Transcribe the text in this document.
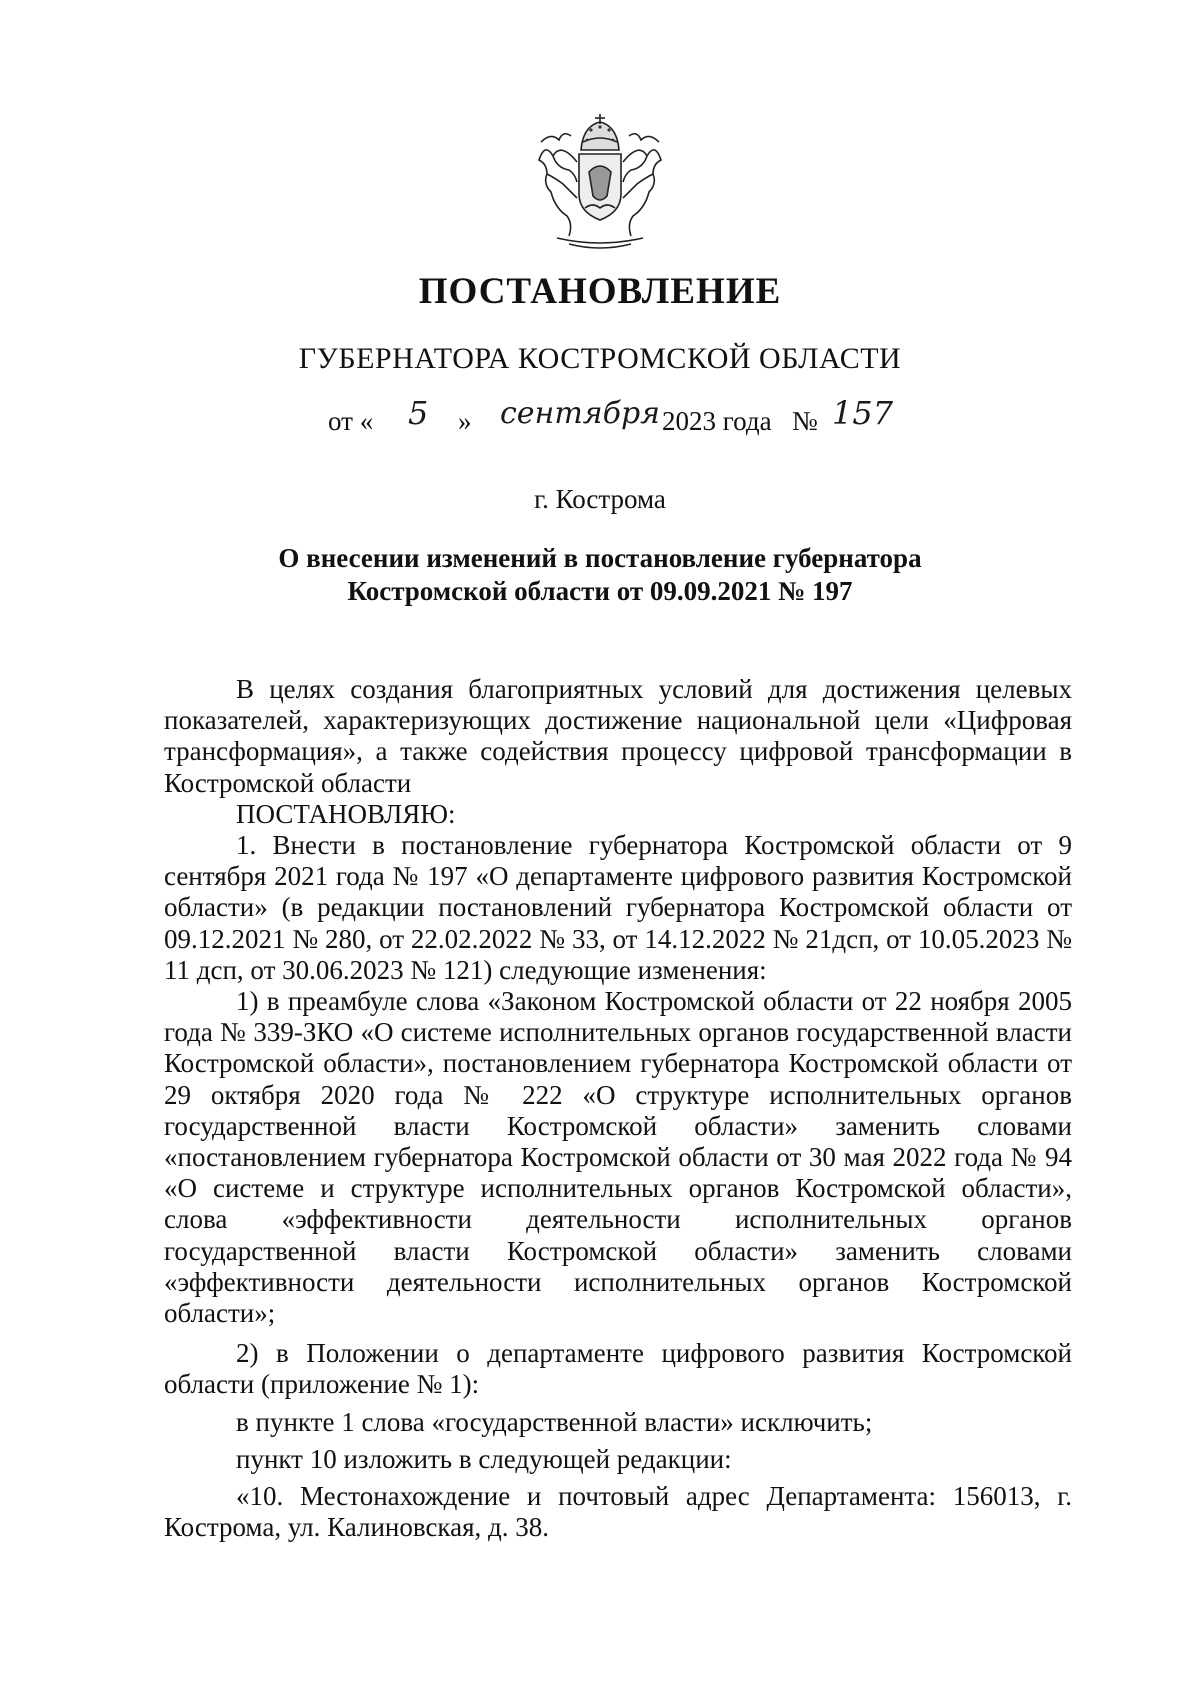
ПОСТАНОВЛЕНИЕ
ГУБЕРНАТОРА КОСТРОМСКОЙ ОБЛАСТИ
от « 5 » сентября 2023 года № 157
г. Кострома
О внесении изменений в постановление губернатора
Костромской области от 09.09.2021 № 197

В целях создания благоприятных условий для достижения целевых показателей, характеризующих достижение национальной цели «Цифровая трансформация», а также содействия процессу цифровой трансформации в Костромской области

ПОСТАНОВЛЯЮ:

1. Внести в постановление губернатора Костромской области от 9 сентября 2021 года № 197 «О департаменте цифрового развития Костромской области» (в редакции постановлений губернатора Костромской области от 09.12.2021 № 280, от 22.02.2022 № 33, от 14.12.2022 № 21дсп, от 10.05.2023 № 11 дсп, от 30.06.2023 № 121) следующие изменения:

1) в преамбуле слова «Законом Костромской области от 22 ноября 2005 года № 339-ЗКО «О системе исполнительных органов государственной власти Костромской области», постановлением губернатора Костромской области от 29 октября 2020 года № 222 «О структуре исполнительных органов государственной власти Костромской области» заменить словами «постановлением губернатора Костромской области от 30 мая 2022 года № 94 «О системе и структуре исполнительных органов Костромской области», слова «эффективности деятельности исполнительных органов государственной власти Костромской области» заменить словами «эффективности деятельности исполнительных органов Костромской области»;

2) в Положении о департаменте цифрового развития Костромской области (приложение № 1):

в пункте 1 слова «государственной власти» исключить;

пункт 10 изложить в следующей редакции:

«10. Местонахождение и почтовый адрес Департамента: 156013, г. Кострома, ул. Калиновская, д. 38.
